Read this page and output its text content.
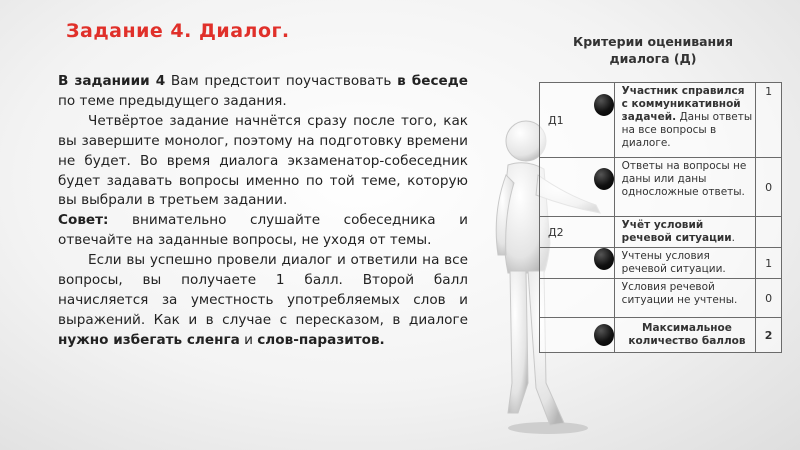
Задание 4. Диалог.

В заданиии 4 Вам предстоит поучаствовать в беседе по теме предыдущего задания.

Четвёртое задание начнётся сразу после того, как вы завершите монолог, поэтому на подготовку времени не будет. Во время диалога экзаменатор-собеседник будет задавать вопросы именно по той теме, которую вы выбрали в третьем задании.

Совет: внимательно слушайте собеседника и отвечайте на заданные вопросы, не уходя от темы.

Если вы успешно провели диалог и ответили на все вопросы, вы получаете 1 балл. Второй балл начисляется за уместность употребляемых слов и выражений. Как и в случае с пересказом, в диалоге нужно избегать сленга и слов-паразитов.

Критерии оценивания диалога (Д)
Д1	Участник справился с коммуникативной задачей. Даны ответы на все вопросы в диалоге.	1
	Ответы на вопросы не даны или даны односложные ответы.	0
Д2	Учёт условий речевой ситуации.	
	Учтены условия речевой ситуации.	1
	Условия речевой ситуации не учтены.	0
	Максимальное количество баллов	2
